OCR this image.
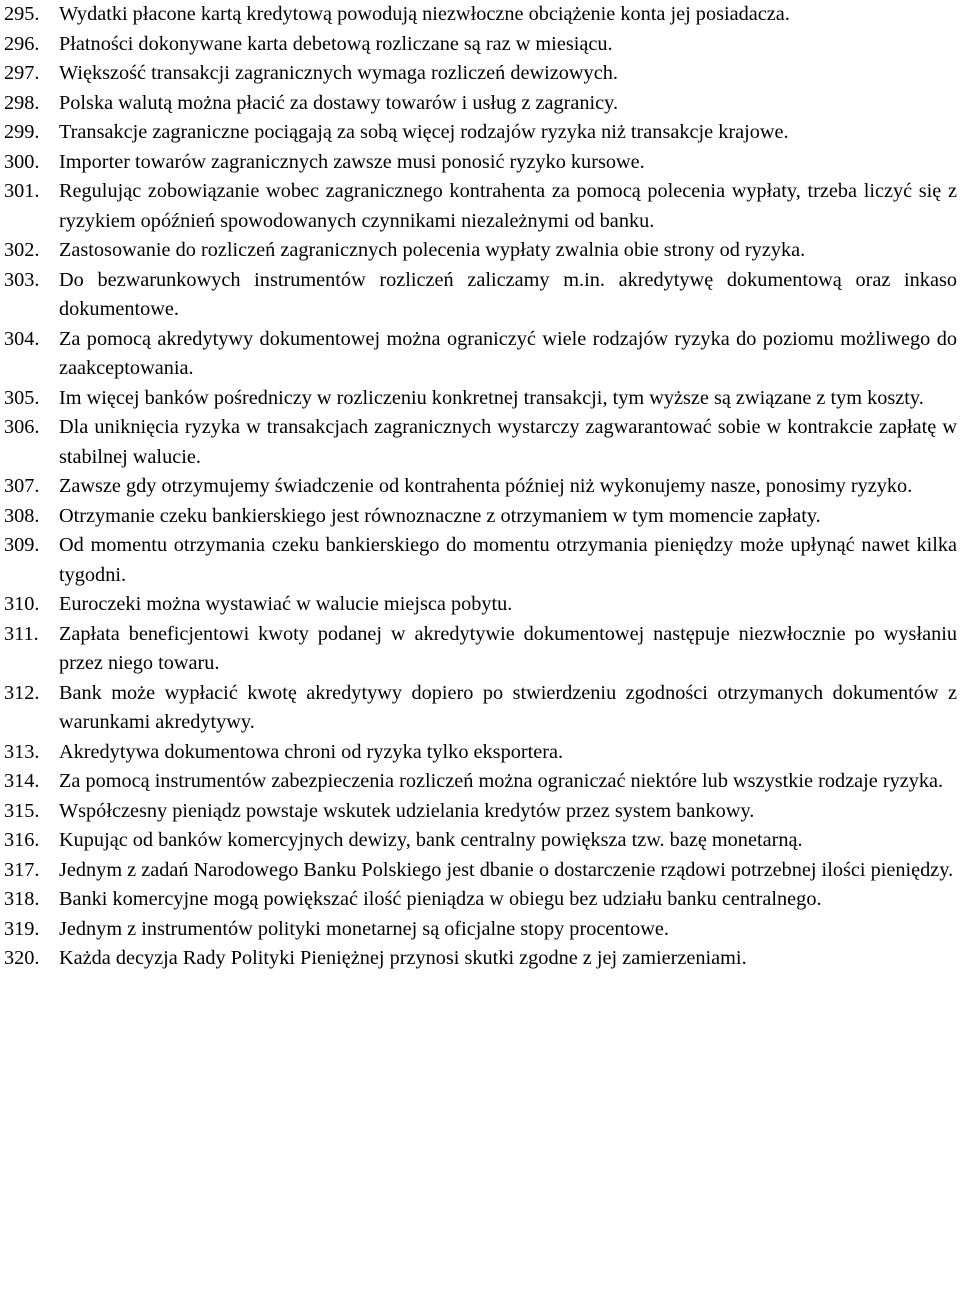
295. Wydatki płacone kartą kredytową powodują niezwłoczne obciążenie konta jej posiadacza.
296. Płatności dokonywane karta debetową rozliczane są raz w miesiącu.
297. Większość transakcji zagranicznych wymaga rozliczeń dewizowych.
298. Polska walutą można płacić za dostawy towarów i usług z zagranicy.
299. Transakcje zagraniczne pociągają za sobą więcej rodzajów ryzyka niż transakcje krajowe.
300. Importer towarów zagranicznych zawsze musi ponosić ryzyko kursowe.
301. Regulując zobowiązanie wobec zagranicznego kontrahenta za pomocą polecenia wypłaty, trzeba liczyć się z ryzykiem opóźnień spowodowanych czynnikami niezależnymi od banku.
302. Zastosowanie do rozliczeń zagranicznych polecenia wypłaty zwalnia obie strony od ryzyka.
303. Do bezwarunkowych instrumentów rozliczeń zaliczamy m.in. akredytywę dokumentową oraz inkaso dokumentowe.
304. Za pomocą akredytywy dokumentowej można ograniczyć wiele rodzajów ryzyka do poziomu możliwego do zaakceptowania.
305. Im więcej banków pośredniczy w rozliczeniu konkretnej transakcji, tym wyższe są związane z tym koszty.
306. Dla uniknięcia ryzyka w transakcjach zagranicznych wystarczy zagwarantować sobie w kontrakcie zapłatę w stabilnej walucie.
307. Zawsze gdy otrzymujemy świadczenie od kontrahenta później niż wykonujemy nasze, ponosimy ryzyko.
308. Otrzymanie czeku bankierskiego jest równoznaczne z otrzymaniem w tym momencie zapłaty.
309. Od momentu otrzymania czeku bankierskiego do momentu otrzymania pieniędzy może upłynąć nawet kilka tygodni.
310. Euroczeki można wystawiać w walucie miejsca pobytu.
311. Zapłata beneficjentowi kwoty podanej w akredytywie dokumentowej następuje niezwłocznie po wysłaniu przez niego towaru.
312. Bank może wypłacić kwotę akredytywy dopiero po stwierdzeniu zgodności otrzymanych dokumentów z warunkami akredytywy.
313. Akredytywa dokumentowa chroni od ryzyka tylko eksportera.
314. Za pomocą instrumentów zabezpieczenia rozliczeń można ograniczać niektóre lub wszystkie rodzaje ryzyka.
315. Współczesny pieniądz powstaje wskutek udzielania kredytów przez system bankowy.
316. Kupując od banków komercyjnych dewizy, bank centralny powiększa tzw. bazę monetarną.
317. Jednym z zadań Narodowego Banku Polskiego jest dbanie o dostarczenie rządowi potrzebnej ilości pieniędzy.
318. Banki komercyjne mogą powiększać ilość pieniądza w obiegu bez udziału banku centralnego.
319. Jednym z instrumentów polityki monetarnej są oficjalne stopy procentowe.
320. Każda decyzja Rady Polityki Pieniężnej przynosi skutki zgodne z jej zamierzeniami.
